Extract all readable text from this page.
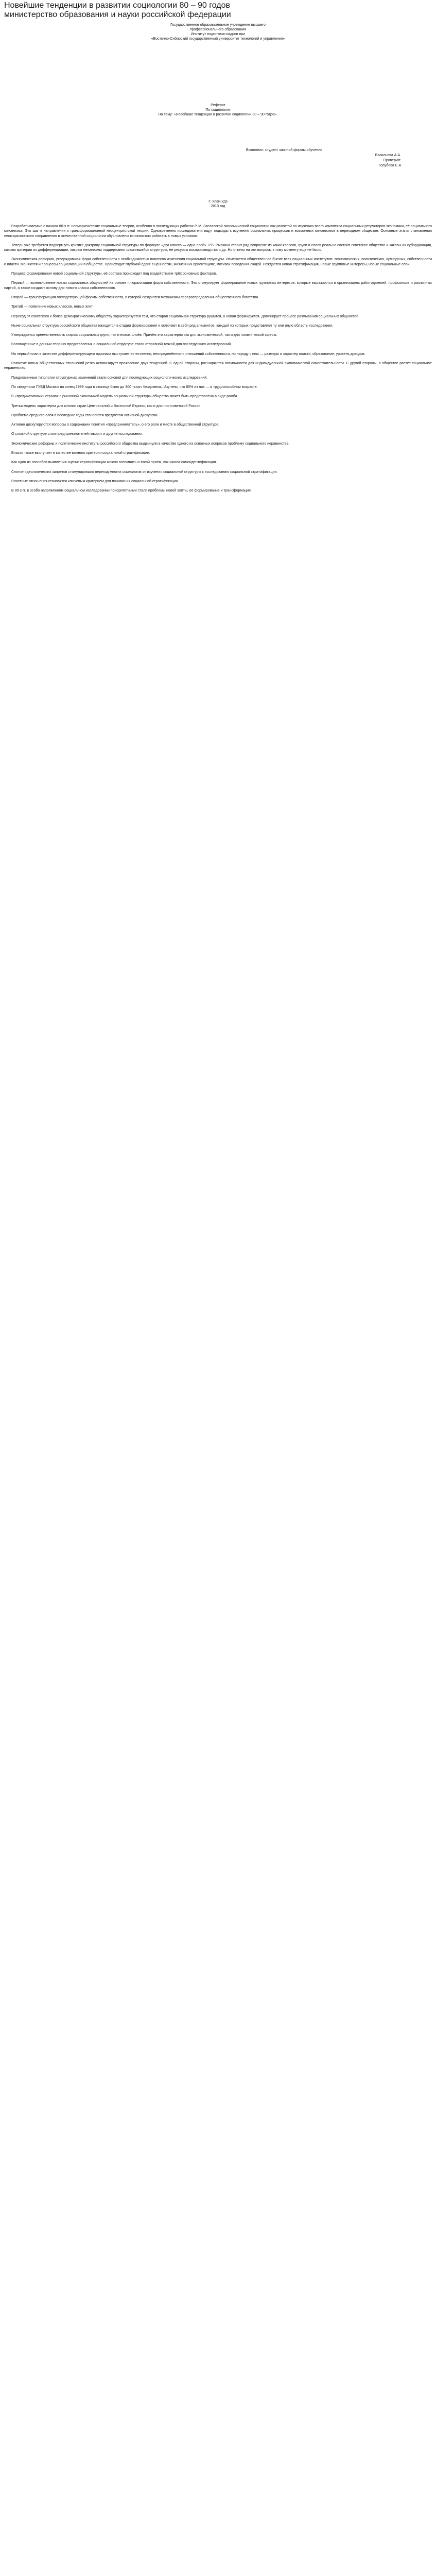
Новейшие тенденции в развитии социологии 80 – 90 годов
министерство образования и науки российской федерации

Государственное образовательное учреждение высшего

профессионального образования

Институт подготовки кадров при

«Восточно-Сибирский государственный университет технологий и управления»

Реферат

По социологии

На тему: «Новейшие тенденции в развитии социологии 80 – 90 годов».

Выполнил: студент заочной формы обучения

Васильева А.А.

Проверил:

Голубева Е.А

Г. Улан-Удэ

2013 год

Разрабатываемые с начала 80-х гг. неомарксистские социальные теории, особенно в последующих работах Р. М. Заславской экономической социологии как развитой по изучению всего комплекса социальных регуляторов экономики, её социального механизма. Это шаг в направлении к трансформационной неоцентристской теории. Одновременно исследователи ищут подходы к изучению социальных процессов и возможных механизмов в переходном обществе. Основные этапы становления неомарксистского направления в отечественной социологии обусловлены готовностью работать в новых условиях.

Теперь уже требуется подвергнуть критике доктрину социальной структуры по формуле «два класса — одна слой». Р.В. Рывкина ставит ряд вопросов: из каких классов, групп и слоев реально состоит советское общество и каковы их субординация, каковы критерии их дифференциации, каковы механизмы поддержания сложившейся структуры, ее ресурсы воспроизводства и др. Но ответы на эти вопросы к тому моменту еще не было.

Экономическая реформа, утверждавшая форм собственности с необходимостью повлекла изменения социальной структуры. Изменяется общественное бытие всех социальных институтов: экономических, политических, культурных, собственности и власти. Меняются и процессы социализации в обществе. Происходит глубокий сдвиг в ценностях, жизненных ориентациях, мотивах поведения людей. Рождается новая стратификация, новые групповые интересы, новые социальные слои.

Процесс формирования новой социальной структуры, её состава происходит под воздействием трёх основных факторов.

Первый — возникновение новых социальных общностей на основе плюрализации форм собственности. Это стимулирует формирование новых групповых интересов, которые выражаются в организациях работодателей, профсоюзов и различных партий, а также создают основу для нового класса собственников.

Второй — трансформация господствующей формы собственности, в которой создаются механизмы перераспределения общественного богатства.

Третий — появление новых классов, новых элит.

Переход от советского к более демократическому обществу характеризуется тем, что старая социальная структура рушится, а новая формируется. Доминирует процесс размывания социальных общностей.

Ныне социальная структура российского общества находится в стадии формирования и включает в себя ряд элементов, каждый из которых представляет ту или иную область исследования.

Утверждается преемственность старых социальных групп, так и новых слоёв. Причём это характерно как для экономической, так и для политической сферы.

Воплощённые в данных теориях представления о социальной структуре стали отправной точкой для последующих исследований.

На первый план в качестве дифференцирующего признака выступает естественно, неопределённость отношений собственности, но наряду с ним — размеры и характер власти, образование, уровень доходов.

Развитие новых общественных отношений резко активизирует проявление двух тенденций. С одной стороны, расширяются возможности для индивидуальной экономической самостоятельности. С другой стороны, в обществе растёт социальное неравенство.

Предложенные типологии структурных изменений стали основой для последующих социологических исследований.

По сведениям ГУВД Москвы на конец 1999 года в столице было до 300 тысяч бездомных. Изучено, что 80% из них — в трудоспособном возрасте.

В «предикативных» странах с рыночной экономикой модель социальной структуры общества может быть представлена в виде ромба.

Третья модель характерна для многих стран Центральной и Восточной Европы, как и для постсоветской России.

Проблема среднего слоя в последние годы становится предметом активной дискуссии.

Активно дискутируются вопросы о содержании понятия «предприниматель», о его роли и месте в общественной структуре.

О сложной структуре слоя предпринимателей говорят и другие исследования.

Экономические реформы и политические институты российского общества выдвинули в качестве одного из основных вопросов проблему социального неравенства.

Власть также выступает в качестве важного критерия социальной стратификации.

Как один из способов выявления оценки стратификации можно вспомнить и такой прием, как шкала самоидентификации.

Снятие идеологических запретов стимулировало переход многих социологов от изучения социальной структуры к исследованию социальной стратификации.

Властные отношения становятся ключевым критерием для понимания социальной стратификации.

В 90-х гг. в особо напряжённом социальном исследовании приоритетными стали проблемы новой элиты, её формирование и трансформация.
